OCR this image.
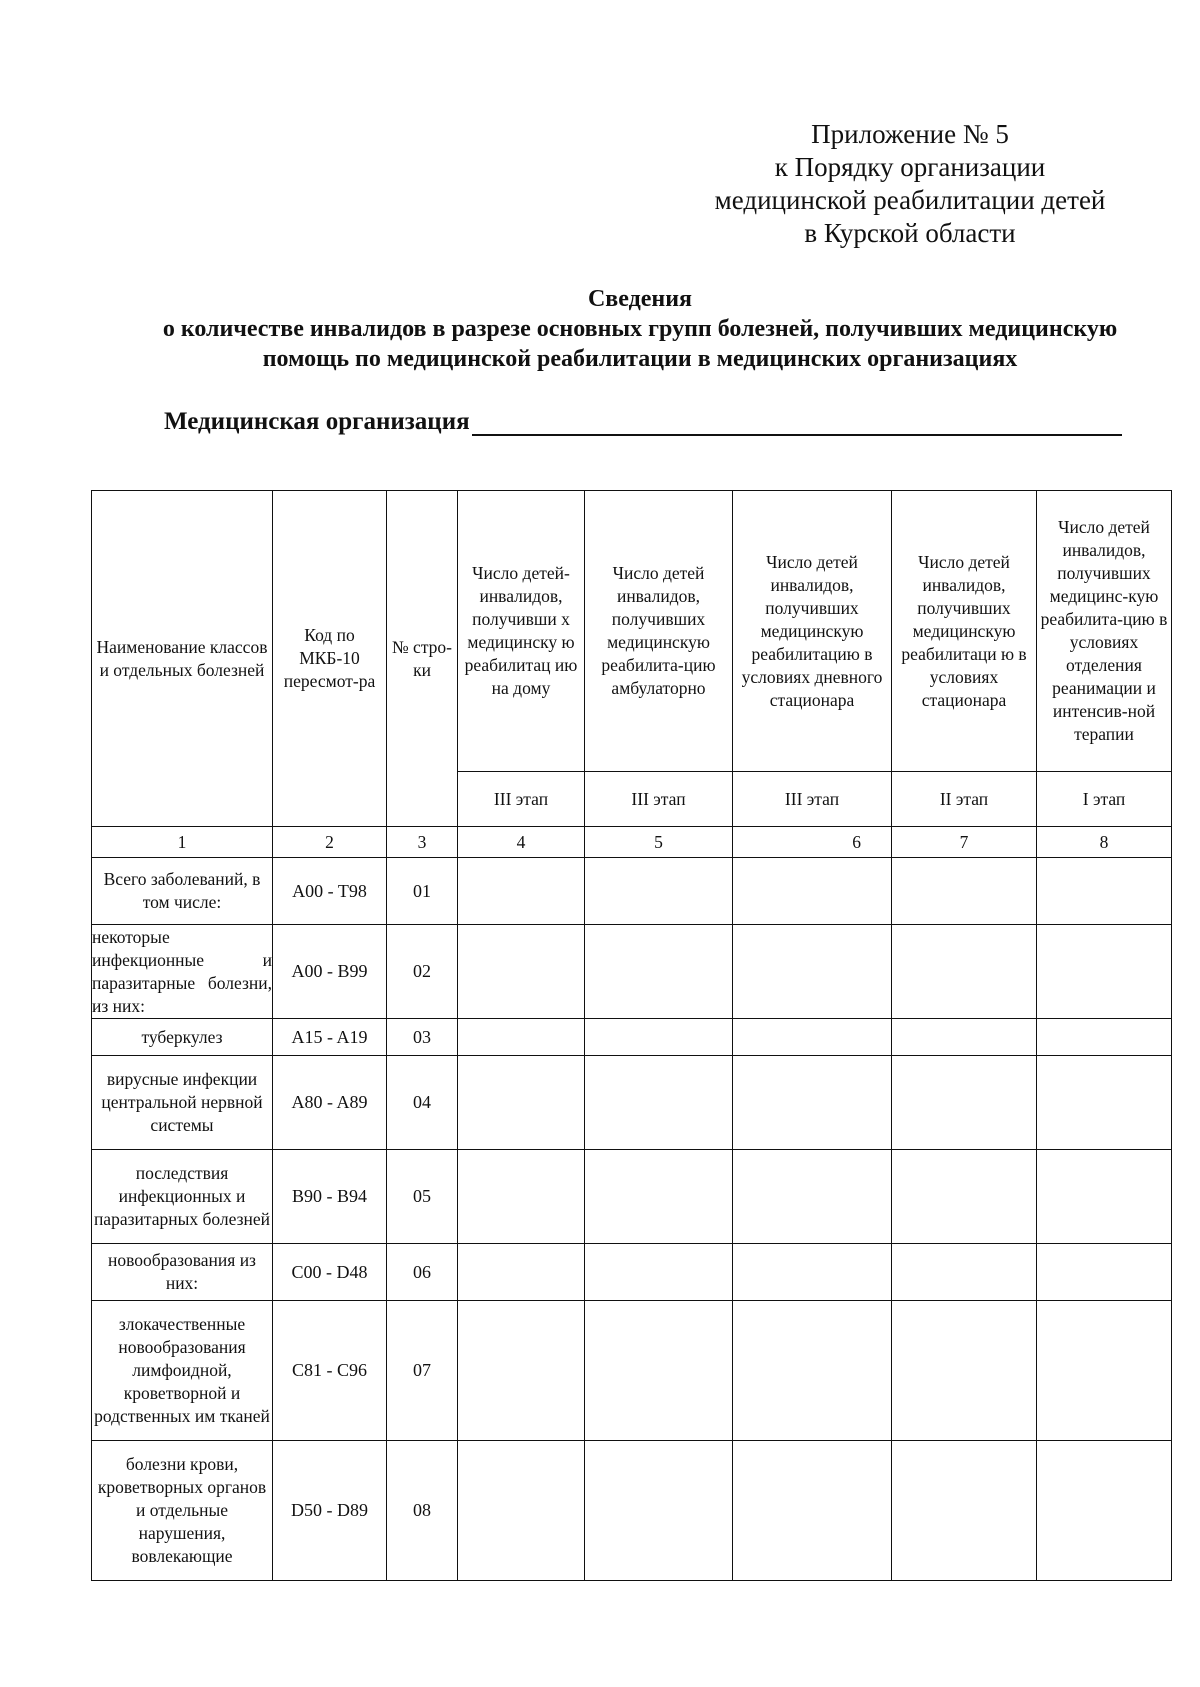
Приложение № 5
к Порядку организации
медицинской реабилитации детей
в Курской области
Сведения
о количестве инвалидов в разрезе основных групп болезней, получивших медицинскую
помощь по медицинской реабилитации в медицинских организациях
Медицинская организация
Наименование классов и отдельных болезней	Код по МКБ-10 пересмот-ра	№ стро-ки	Число детей-инвалидов, получивши х медицинску ю реабилитац ию на дому	Число детей инвалидов, получивших медицинскую реабилита-цию амбулаторно	Число детей инвалидов, получивших медицинскую реабилитацию в условиях дневного стационара	Число детей инвалидов, получивших медицинскую реабилитаци ю в условиях стационара	Число детей инвалидов, получивших медицинс-кую реабилита-цию в условиях отделения реанимации и интенсив-ной терапии
			III этап	III этап	III этап	II этап	I этап
1	2	3	4	5	6	7	8
Всего заболеваний, в том числе:	A00 - T98	01					
некоторые инфекционные и паразитарные болезни, из них:	A00 - B99	02					
туберкулез	A15 - A19	03					
вирусные инфекции центральной нервной системы	A80 - A89	04					
последствия инфекционных и паразитарных болезней	B90 - B94	05					
новообразования из них:	C00 - D48	06					
злокачественные новообразования лимфоидной, кроветворной и родственных им тканей	C81 - C96	07					
болезни крови, кроветворных органов и отдельные нарушения, вовлекающие	D50 - D89	08					
